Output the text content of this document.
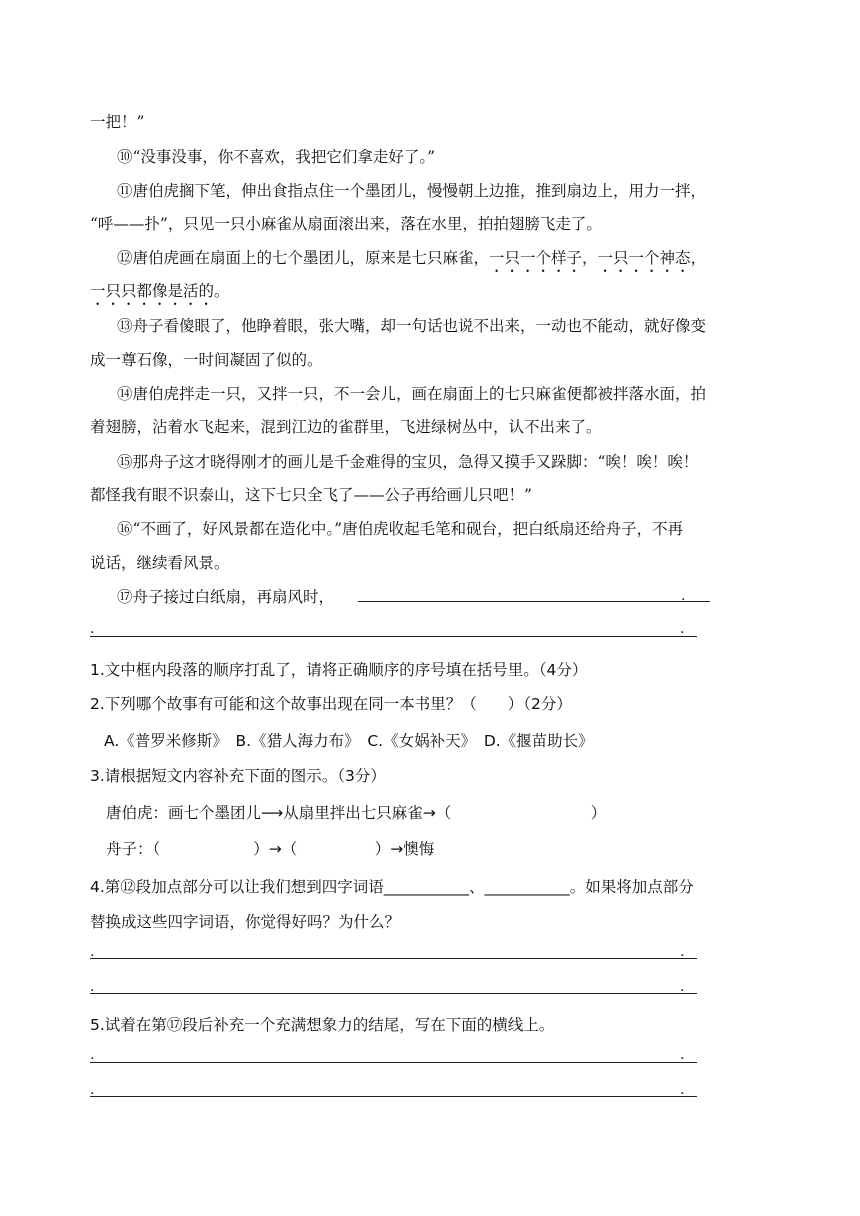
一把！”
⑩“没事没事，你不喜欢，我把它们拿走好了。”
⑪唐伯虎搁下笔，伸出食指点住一个墨团儿，慢慢朝上边推，推到扇边上，用力一拌，
“呼——扑”，只见一只小麻雀从扇面滚出来，落在水里，拍拍翅膀飞走了。
⑫唐伯虎画在扇面上的七个墨团儿，原来是七只麻雀，一只一个样子，一只一个神态，
一只只都像是活的。
⑬舟子看傻眼了，他睁着眼，张大嘴，却一句话也说不出来，一动也不能动，就好像变
成一尊石像，一时间凝固了似的。
⑭唐伯虎拌走一只，又拌一只，不一会儿，画在扇面上的七只麻雀便都被拌落水面，拍
着翅膀，沾着水飞起来，混到江边的雀群里，飞进绿树丛中，认不出来了。
⑮那舟子这才晓得刚才的画儿是千金难得的宝贝，急得又摸手又跺脚：“唉！唉！唉！
都怪我有眼不识泰山，这下七只全飞了——公子再给画儿只吧！”
⑯“不画了，好风景都在造化中。”唐伯虎收起毛笔和砚台，把白纸扇还给舟子，不再
说话，继续看风景。
⑰舟子接过白纸扇，再扇风时，	.
.	.
1.文中框内段落的顺序打乱了，请将正确顺序的序号填在括号里。（4分）
2.下列哪个故事有可能和这个故事出现在同一本书里？（　　）（2分）
A.《普罗米修斯》　B.《猎人海力布》　C.《女娲补天》　D.《揠苗助长》
3.请根据短文内容补充下面的图示。（3分）
唐伯虎：画七个墨团儿⟶从扇里拌出七只麻雀→（　　　　　　　　　）
舟子：（　　　　　　）→（　　　　　）→懊悔
4.第⑫段加点部分可以让我们想到四字词语___________、___________。如果将加点部分
替换成这些四字词语，你觉得好吗？为什么？
.	.
.	.
5.试着在第⑰段后补充一个充满想象力的结尾，写在下面的横线上。
.	.
.	.
